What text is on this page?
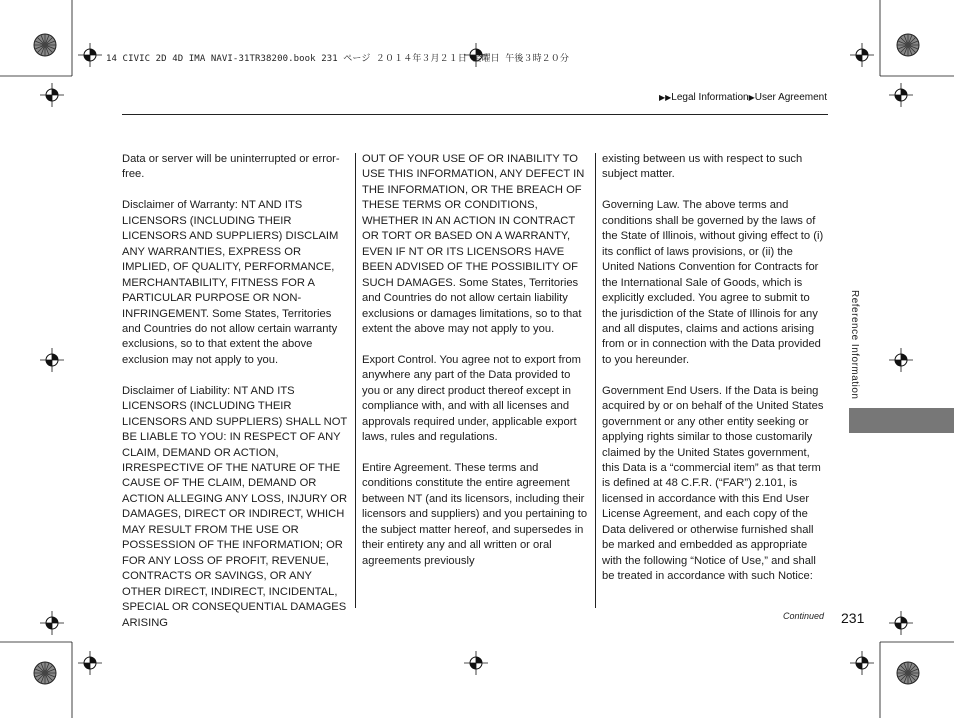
14 CIVIC 2D 4D IMA NAVI-31TR38200.book 231 ページ ２０１４年３月２１日 金曜日 午後３時２０分
▶▶Legal Information▶User Agreement

Data or server will be uninterrupted or error-free.

Disclaimer of Warranty: NT AND ITS LICENSORS (INCLUDING THEIR LICENSORS AND SUPPLIERS) DISCLAIM ANY WARRANTIES, EXPRESS OR IMPLIED, OF QUALITY, PERFORMANCE, MERCHANTABILITY, FITNESS FOR A PARTICULAR PURPOSE OR NON-INFRINGEMENT. Some States, Territories and Countries do not allow certain warranty exclusions, so to that extent the above exclusion may not apply to you.

Disclaimer of Liability: NT AND ITS LICENSORS (INCLUDING THEIR LICENSORS AND SUPPLIERS) SHALL NOT BE LIABLE TO YOU: IN RESPECT OF ANY CLAIM, DEMAND OR ACTION, IRRESPECTIVE OF THE NATURE OF THE CAUSE OF THE CLAIM, DEMAND OR ACTION ALLEGING ANY LOSS, INJURY OR DAMAGES, DIRECT OR INDIRECT, WHICH MAY RESULT FROM THE USE OR POSSESSION OF THE INFORMATION; OR FOR ANY LOSS OF PROFIT, REVENUE, CONTRACTS OR SAVINGS, OR ANY OTHER DIRECT, INDIRECT, INCIDENTAL, SPECIAL OR CONSEQUENTIAL DAMAGES ARISING

OUT OF YOUR USE OF OR INABILITY TO USE THIS INFORMATION, ANY DEFECT IN THE INFORMATION, OR THE BREACH OF THESE TERMS OR CONDITIONS, WHETHER IN AN ACTION IN CONTRACT OR TORT OR BASED ON A WARRANTY, EVEN IF NT OR ITS LICENSORS HAVE BEEN ADVISED OF THE POSSIBILITY OF SUCH DAMAGES. Some States, Territories and Countries do not allow certain liability exclusions or damages limitations, so to that extent the above may not apply to you.

Export Control. You agree not to export from anywhere any part of the Data provided to you or any direct product thereof except in compliance with, and with all licenses and approvals required under, applicable export laws, rules and regulations.

Entire Agreement. These terms and conditions constitute the entire agreement between NT (and its licensors, including their licensors and suppliers) and you pertaining to the subject matter hereof, and supersedes in their entirety any and all written or oral agreements previously

existing between us with respect to such subject matter.

Governing Law. The above terms and conditions shall be governed by the laws of the State of Illinois, without giving effect to (i) its conflict of laws provisions, or (ii) the United Nations Convention for Contracts for the International Sale of Goods, which is explicitly excluded. You agree to submit to the jurisdiction of the State of Illinois for any and all disputes, claims and actions arising from or in connection with the Data provided to you hereunder.

Government End Users. If the Data is being acquired by or on behalf of the United States government or any other entity seeking or applying rights similar to those customarily claimed by the United States government, this Data is a “commercial item” as that term is defined at 48 C.F.R. (“FAR”) 2.101, is licensed in accordance with this End User License Agreement, and each copy of the Data delivered or otherwise furnished shall be marked and embedded as appropriate with the following “Notice of Use,” and shall be treated in accordance with such Notice:

Reference Information
Continued 231
